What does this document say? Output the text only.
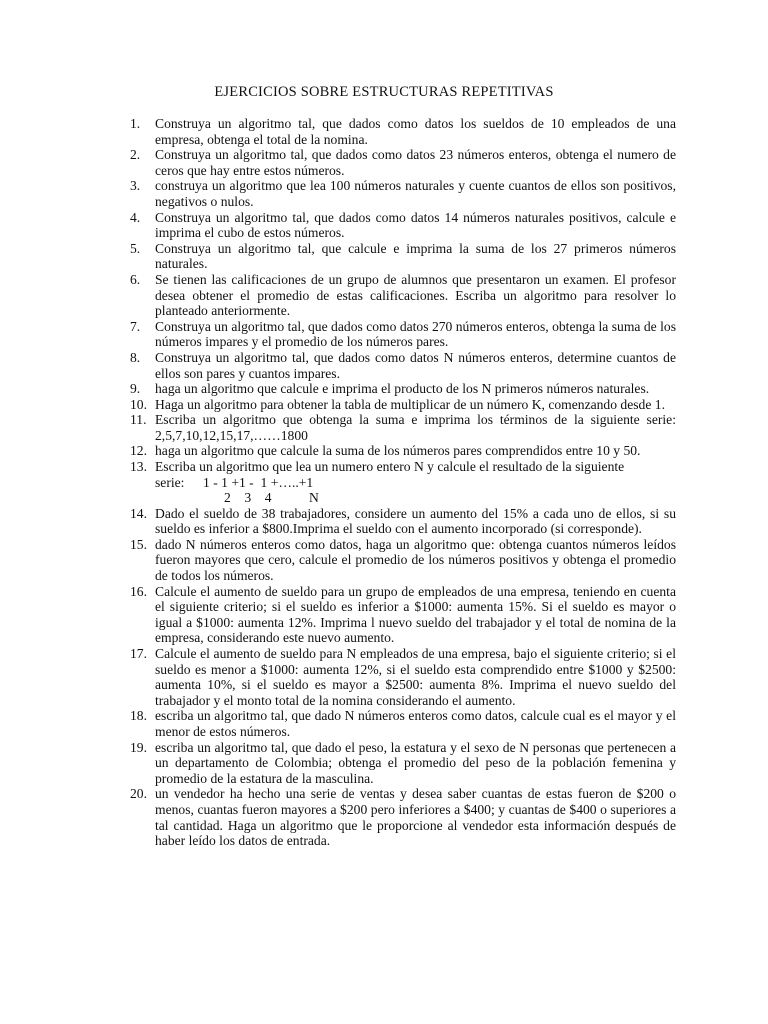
EJERCICIOS SOBRE ESTRUCTURAS REPETITIVAS
1. Construya un algoritmo tal, que dados como datos los sueldos de 10 empleados de una empresa, obtenga el total de la nomina.
2. Construya un algoritmo tal, que dados como datos 23 números enteros, obtenga el numero de ceros que hay entre estos números.
3. construya un algoritmo que lea 100 números naturales y cuente cuantos de ellos son positivos, negativos o nulos.
4. Construya un algoritmo tal, que dados como datos 14 números naturales positivos, calcule e imprima el cubo de estos números.
5. Construya un algoritmo tal, que calcule e imprima la suma de los 27 primeros números naturales.
6. Se tienen las calificaciones de un grupo de alumnos que presentaron un examen. El profesor desea obtener el promedio de estas calificaciones. Escriba un algoritmo para resolver lo planteado anteriormente.
7. Construya un algoritmo tal, que dados como datos 270 números enteros, obtenga la suma de los números impares y el promedio de los números pares.
8. Construya un algoritmo tal, que dados como datos N números enteros, determine cuantos de ellos son pares y cuantos impares.
9. haga un algoritmo que calcule e imprima el producto de los N primeros números naturales.
10. Haga un algoritmo para obtener la tabla de multiplicar de un número K, comenzando desde 1.
11. Escriba un algoritmo que obtenga la suma e imprima los términos de la siguiente serie: 2,5,7,10,12,15,17,……1800
12. haga un algoritmo que calcule la suma de los números pares comprendidos entre 10 y 50.
13. Escriba un algoritmo que lea un numero entero N y calcule el resultado de la siguiente
serie: 1 - 1 +1 -  1 +…..+1
2    3    4           N
14. Dado el sueldo de 38 trabajadores, considere un aumento del 15% a cada uno de ellos, si su sueldo es inferior a $800.Imprima el sueldo con el aumento incorporado (si corresponde).
15. dado N números enteros como datos, haga un algoritmo que: obtenga cuantos números leídos fueron mayores que cero, calcule el promedio de los números positivos y obtenga el promedio de todos los números.
16. Calcule el aumento de sueldo para un grupo de empleados de una empresa, teniendo en cuenta el siguiente criterio; si el sueldo es inferior a $1000: aumenta 15%. Si el sueldo es mayor o igual a $1000: aumenta 12%. Imprima l nuevo sueldo del trabajador y el total de nomina de la empresa, considerando este nuevo aumento.
17. Calcule el aumento de sueldo para N empleados de una empresa, bajo el siguiente criterio; si el sueldo es menor a $1000: aumenta 12%, si el sueldo esta comprendido entre $1000 y $2500: aumenta 10%, si el sueldo es mayor a $2500: aumenta 8%. Imprima el nuevo sueldo del trabajador y el monto total de la nomina considerando el aumento.
18. escriba un algoritmo tal, que dado N números enteros como datos, calcule cual es el mayor y el menor de estos números.
19. escriba un algoritmo tal, que dado el peso, la estatura y el sexo de N personas que pertenecen a un departamento de Colombia; obtenga el promedio del peso de la población femenina y promedio de la estatura de la masculina.
20. un vendedor ha hecho una serie de ventas y desea saber cuantas de estas fueron de $200 o menos, cuantas fueron mayores a $200 pero inferiores a $400; y cuantas de $400 o superiores a tal cantidad. Haga un algoritmo que le proporcione al vendedor esta información después de haber leído los datos de entrada.
